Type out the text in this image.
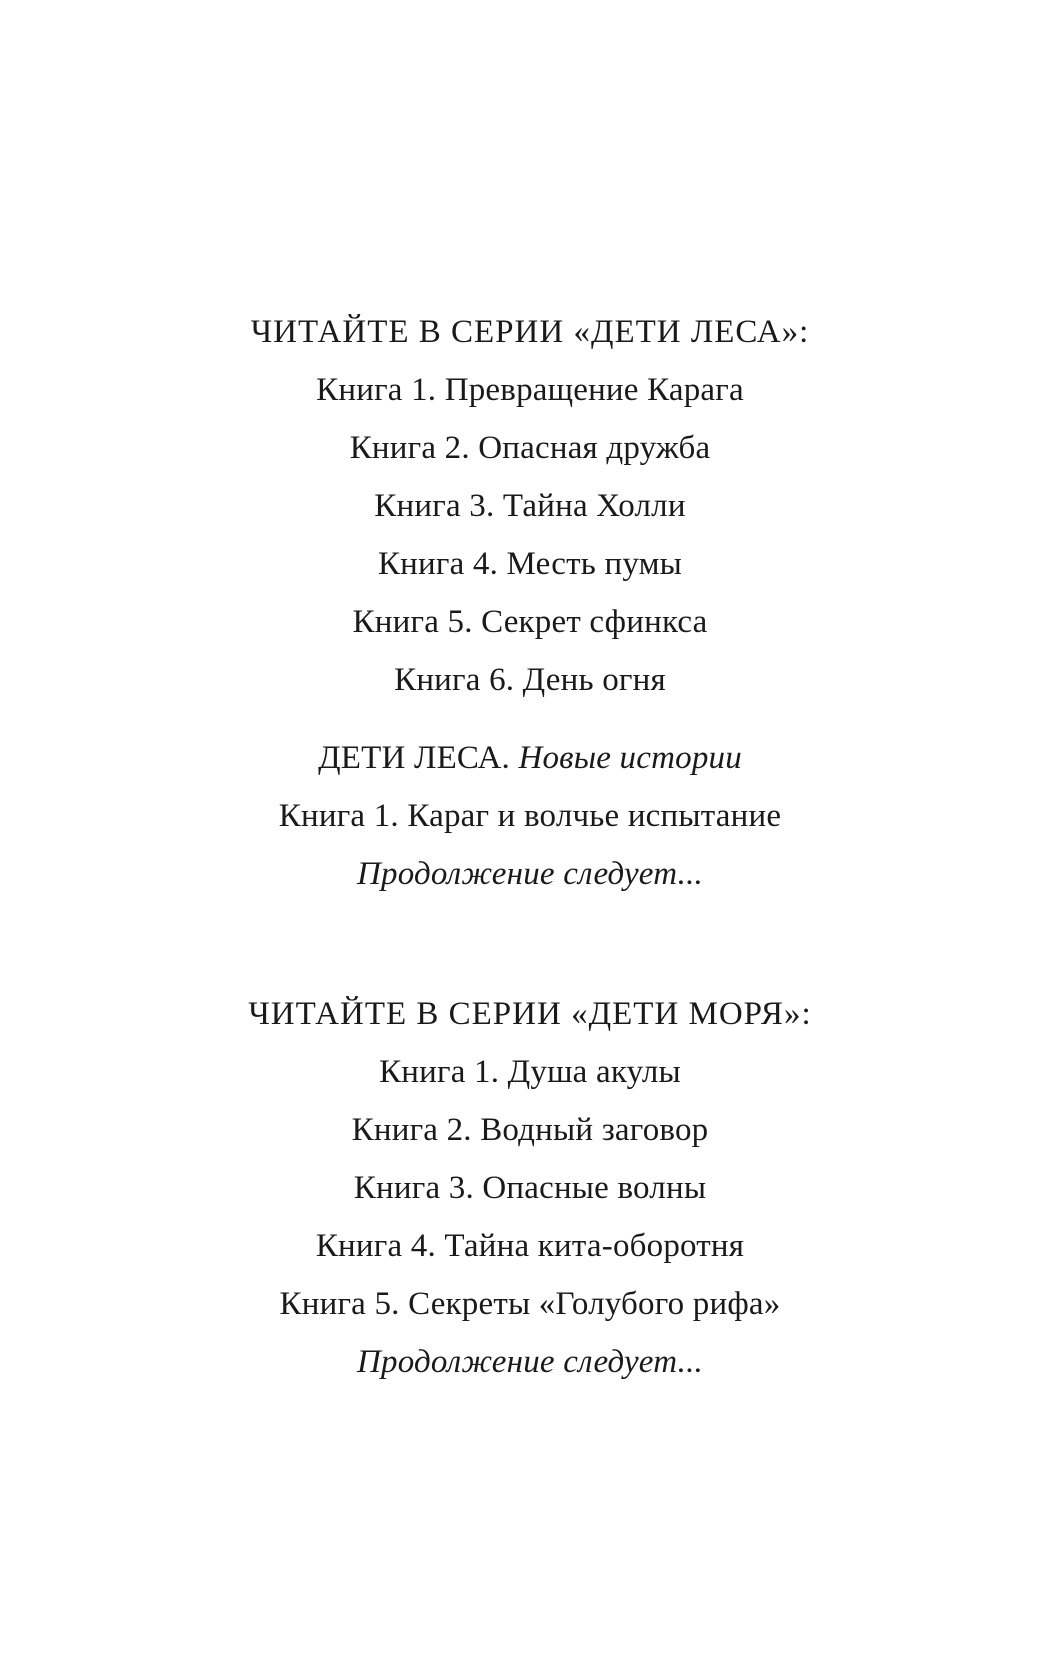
ЧИТАЙТЕ В СЕРИИ «ДЕТИ ЛЕСА»:
Книга 1. Превращение Карага
Книга 2. Опасная дружба
Книга 3. Тайна Холли
Книга 4. Месть пумы
Книга 5. Секрет сфинкса
Книга 6. День огня
ДЕТИ ЛЕСА. Новые истории
Книга 1. Караг и волчье испытание
Продолжение следует...
ЧИТАЙТЕ В СЕРИИ «ДЕТИ МОРЯ»:
Книга 1. Душа акулы
Книга 2. Водный заговор
Книга 3. Опасные волны
Книга 4. Тайна кита-оборотня
Книга 5. Секреты «Голубого рифа»
Продолжение следует...
